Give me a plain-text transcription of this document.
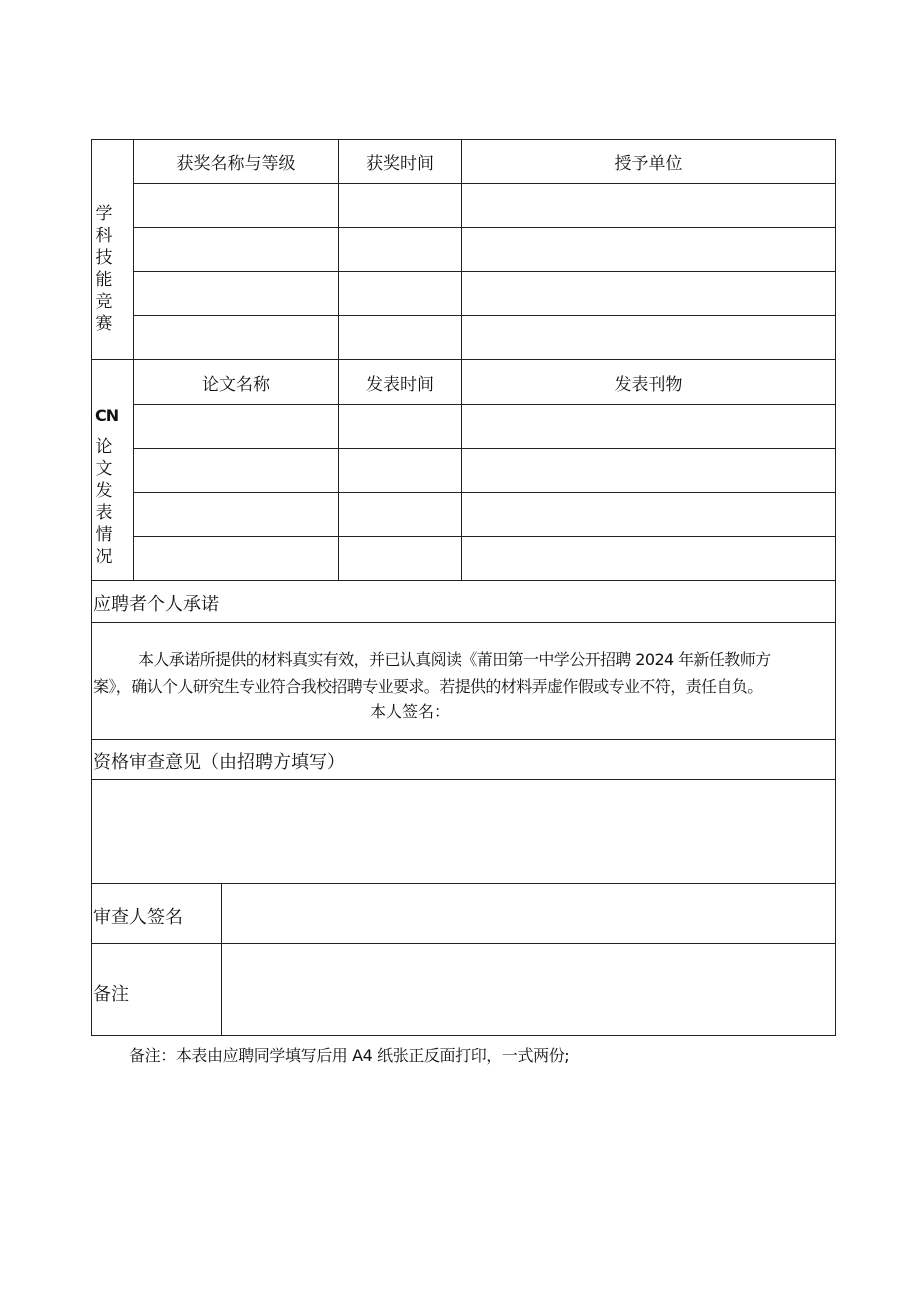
学科技能竞赛
获奖名称与等级	获奖时间	授予单位
CN
论文发表情况
论文名称	发表时间	发表刊物
应聘者个人承诺
本人承诺所提供的材料真实有效，并已认真阅读《莆田第一中学公开招聘 2024 年新任教师方
案》，确认个人研究生专业符合我校招聘专业要求。若提供的材料弄虚作假或专业不符，责任自负。
本人签名：
资格审查意见（由招聘方填写）
审查人签名
备注
备注：本表由应聘同学填写后用 A4 纸张正反面打印，一式两份;
